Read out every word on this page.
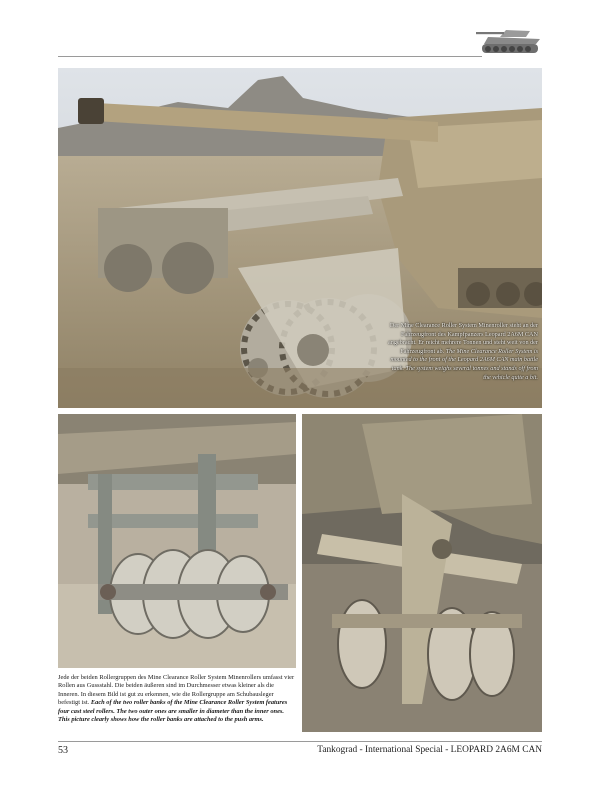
Der Mine Clearance Roller System Minenroller steht an der Fahrzeugfront des Kampfpanzers Leopard 2A6M CAN angebracht. Er reicht mehrere Tonnen und steht weit von der Fahrzeugfront ab. The Mine Clearance Roller System is mounted to the front of the Leopard 2A6M CAN main battle tank. The system weighs several tonnes and stands off from the vehicle quite a bit.
Jede der beiden Rollergruppen des Mine Clearance Roller System Minenrollers umfasst vier Rollen aus Gussstahl. Die beiden äußeren sind im Durchmesser etwas kleiner als die Inneren. In diesem Bild ist gut zu erkennen, wie die Rollergruppe am Schubausleger befestigt ist. Each of the two roller banks of the Mine Clearance Roller System features four cast steel rollers. The two outer ones are smaller in diameter than the inner ones. This picture clearly shows how the roller banks are attached to the push arms.
53	Tankograd - International Special - LEOPARD 2A6M CAN
